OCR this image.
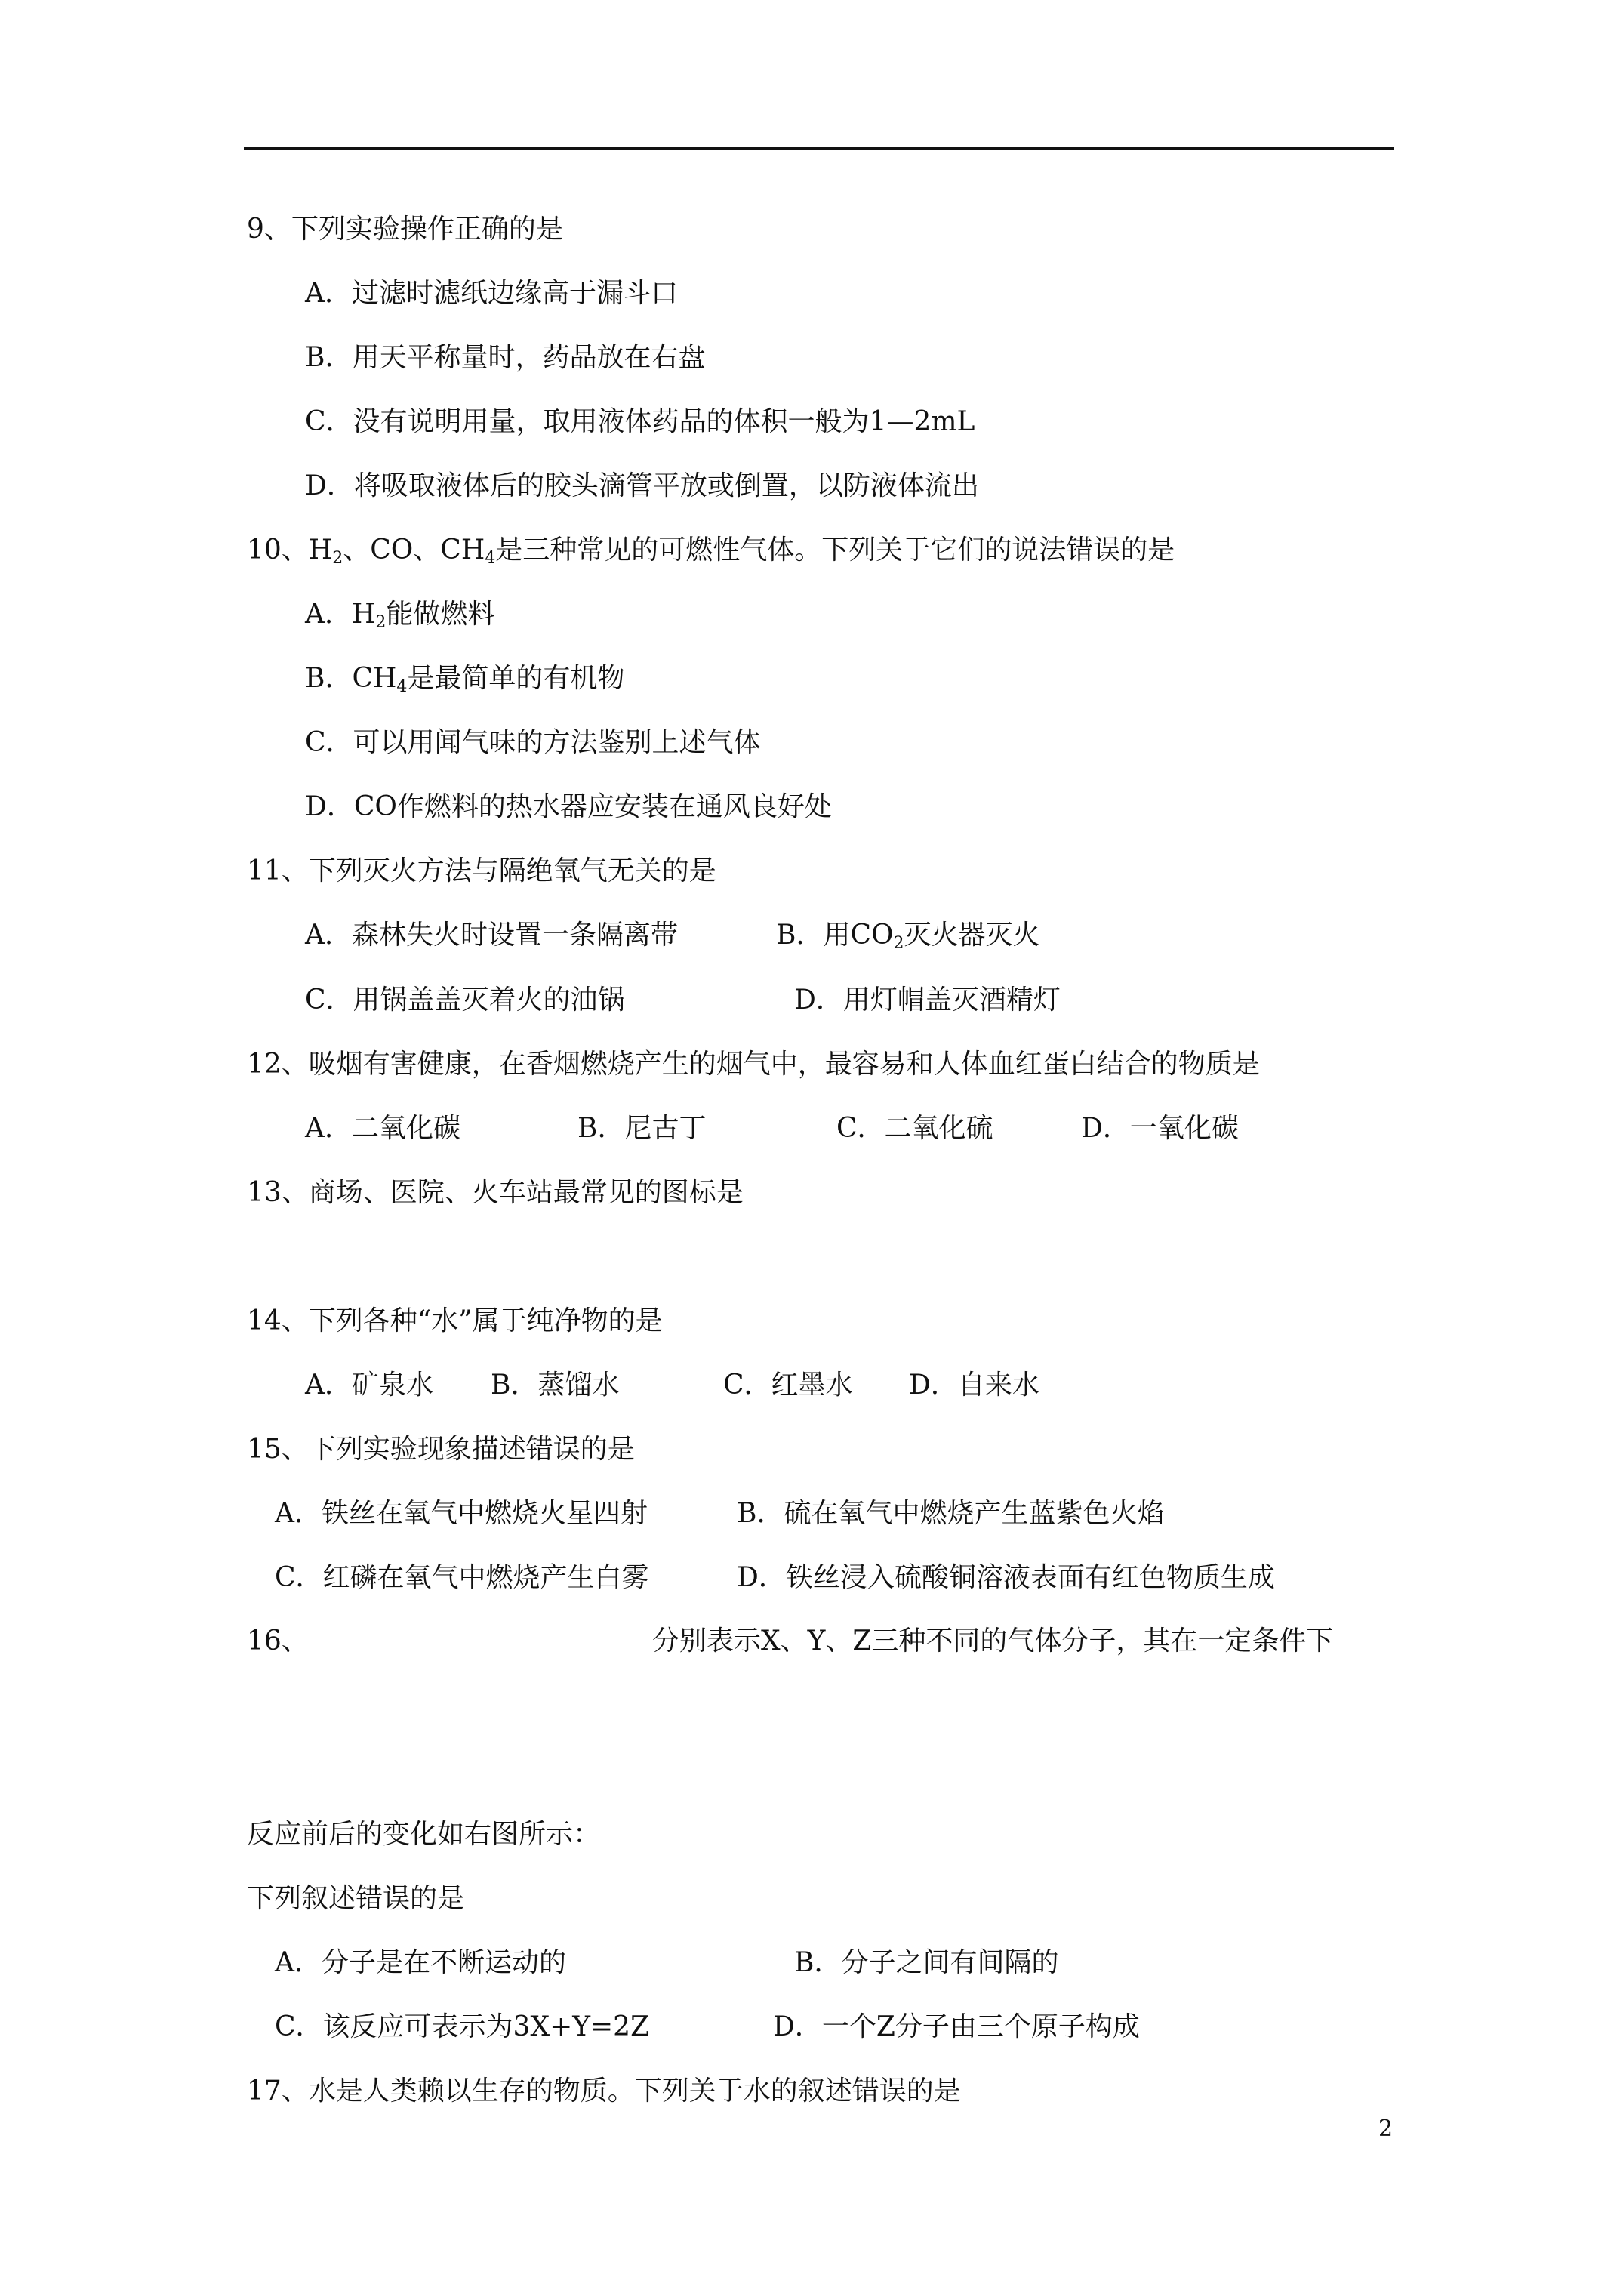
9、下列实验操作正确的是
A．过滤时滤纸边缘高于漏斗口
B．用天平称量时，药品放在右盘
C．没有说明用量，取用液体药品的体积一般为1—2mL
D．将吸取液体后的胶头滴管平放或倒置，以防液体流出
10、$H_2$、CO、$CH_4$是三种常见的可燃性气体。下列关于它们的说法错误的是
A．$H_2$能做燃料
B．$CH_4$是最简单的有机物
C．可以用闻气味的方法鉴别上述气体
D．CO作燃料的热水器应安装在通风良好处
11、下列灭火方法与隔绝氧气无关的是
A．森林失火时设置一条隔离带	B．用$CO_2$灭火器灭火
C．用锅盖盖灭着火的油锅	D．用灯帽盖灭酒精灯
12、吸烟有害健康，在香烟燃烧产生的烟气中，最容易和人体血红蛋白结合的物质是
A．二氧化碳	B．尼古丁	C．二氧化硫	D．一氧化碳
13、商场、医院、火车站最常见的图标是
14、下列各种“水”属于纯净物的是
A．矿泉水 B．蒸馏水	C．红墨水 D．自来水
15、下列实验现象描述错误的是
A．铁丝在氧气中燃烧火星四射	B．硫在氧气中燃烧产生蓝紫色火焰
C．红磷在氧气中燃烧产生白雾	D．铁丝浸入硫酸铜溶液表面有红色物质生成
16、	分别表示X、Y、Z三种不同的气体分子，其在一定条件下
反应前后的变化如右图所示：
下列叙述错误的是
A．分子是在不断运动的	B．分子之间有间隔的
C．该反应可表示为3X+Y=2Z	D．一个Z分子由三个原子构成
17、水是人类赖以生存的物质。下列关于水的叙述错误的是
2
